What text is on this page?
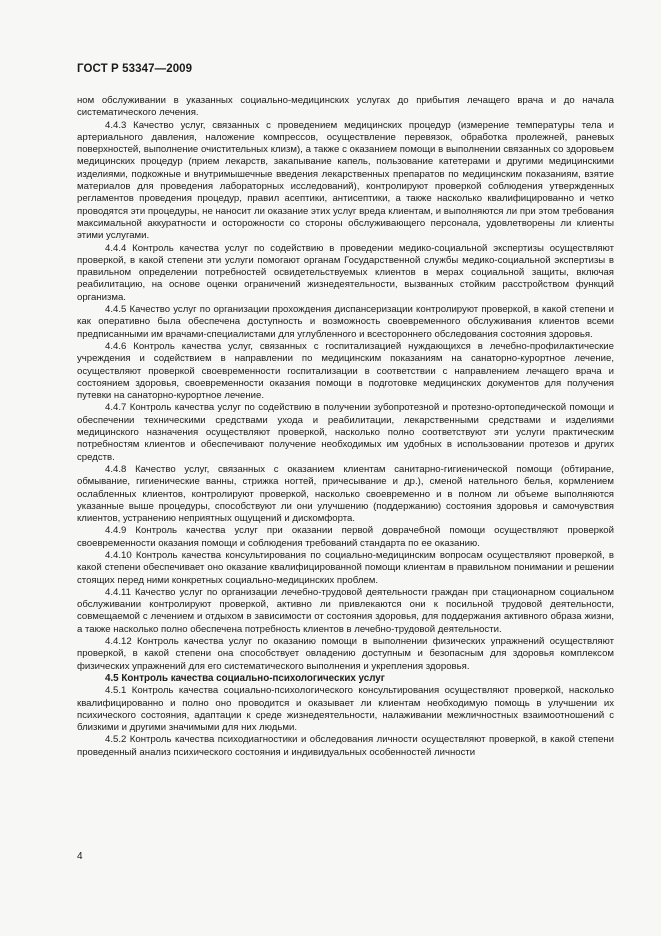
ГОСТ Р 53347—2009

ном обслуживании в указанных социально-медицинских услугах до прибытия лечащего врача и до начала систематического лечения.

4.4.3 Качество услуг, связанных с проведением медицинских процедур (измерение температуры тела и артериального давления, наложение компрессов, осуществление перевязок, обработка пролежней, раневых поверхностей, выполнение очистительных клизм), а также с оказанием помощи в выполнении связанных со здоровьем медицинских процедур (прием лекарств, закапывание капель, пользование катетерами и другими медицинскими изделиями, подкожные и внутримышечные введения лекарственных препаратов по медицинским показаниям, взятие материалов для проведения лабораторных исследований), контролируют проверкой соблюдения утвержденных регламентов проведения процедур, правил асептики, антисептики, а также насколько квалифицированно и четко проводятся эти процедуры, не наносит ли оказание этих услуг вреда клиентам, и выполняются ли при этом требования максимальной аккуратности и осторожности со стороны обслуживающего персонала, удовлетворены ли клиенты этими услугами.

4.4.4 Контроль качества услуг по содействию в проведении медико-социальной экспертизы осуществляют проверкой, в какой степени эти услуги помогают органам Государственной службы медико-социальной экспертизы в правильном определении потребностей освидетельствуемых клиентов в мерах социальной защиты, включая реабилитацию, на основе оценки ограничений жизнедеятельности, вызванных стойким расстройством функций организма.

4.4.5 Качество услуг по организации прохождения диспансеризации контролируют проверкой, в какой степени и как оперативно была обеспечена доступность и возможность своевременного обслуживания клиентов всеми предписанными им врачами-специалистами для углубленного и всестороннего обследования состояния здоровья.

4.4.6 Контроль качества услуг, связанных с госпитализацией нуждающихся в лечебно-профилактические учреждения и содействием в направлении по медицинским показаниям на санаторно-курортное лечение, осуществляют проверкой своевременности госпитализации в соответствии с направлением лечащего врача и состоянием здоровья, своевременности оказания помощи в подготовке медицинских документов для получения путевки на санаторно-курортное лечение.

4.4.7 Контроль качества услуг по содействию в получении зубопротезной и протезно-ортопедической помощи и обеспечении техническими средствами ухода и реабилитации, лекарственными средствами и изделиями медицинского назначения осуществляют проверкой, насколько полно соответствуют эти услуги практическим потребностям клиентов и обеспечивают получение необходимых им удобных в использовании протезов и других средств.

4.4.8 Качество услуг, связанных с оказанием клиентам санитарно-гигиенической помощи (обтирание, обмывание, гигиенические ванны, стрижка ногтей, причесывание и др.), сменой нательного белья, кормлением ослабленных клиентов, контролируют проверкой, насколько своевременно и в полном ли объеме выполняются указанные выше процедуры, способствуют ли они улучшению (поддержанию) состояния здоровья и самочувствия клиентов, устранению неприятных ощущений и дискомфорта.

4.4.9 Контроль качества услуг при оказании первой доврачебной помощи осуществляют проверкой своевременности оказания помощи и соблюдения требований стандарта по ее оказанию.

4.4.10 Контроль качества консультирования по социально-медицинским вопросам осуществляют проверкой, в какой степени обеспечивает оно оказание квалифицированной помощи клиентам в правильном понимании и решении стоящих перед ними конкретных социально-медицинских проблем.

4.4.11 Качество услуг по организации лечебно-трудовой деятельности граждан при стационарном социальном обслуживании контролируют проверкой, активно ли привлекаются они к посильной трудовой деятельности, совмещаемой с лечением и отдыхом в зависимости от состояния здоровья, для поддержания активного образа жизни, а также насколько полно обеспечена потребность клиентов в лечебно-трудовой деятельности.

4.4.12 Контроль качества услуг по оказанию помощи в выполнении физических упражнений осуществляют проверкой, в какой степени она способствует овладению доступным и безопасным для здоровья комплексом физических упражнений для его систематического выполнения и укрепления здоровья.

4.5 Контроль качества социально-психологических услуг

4.5.1 Контроль качества социально-психологического консультирования осуществляют проверкой, насколько квалифицированно и полно оно проводится и оказывает ли клиентам необходимую помощь в улучшении их психического состояния, адаптации к среде жизнедеятельности, налаживании межличностных взаимоотношений с близкими и другими значимыми для них людьми.

4.5.2 Контроль качества психодиагностики и обследования личности осуществляют проверкой, в какой степени проведенный анализ психического состояния и индивидуальных особенностей личности

4
